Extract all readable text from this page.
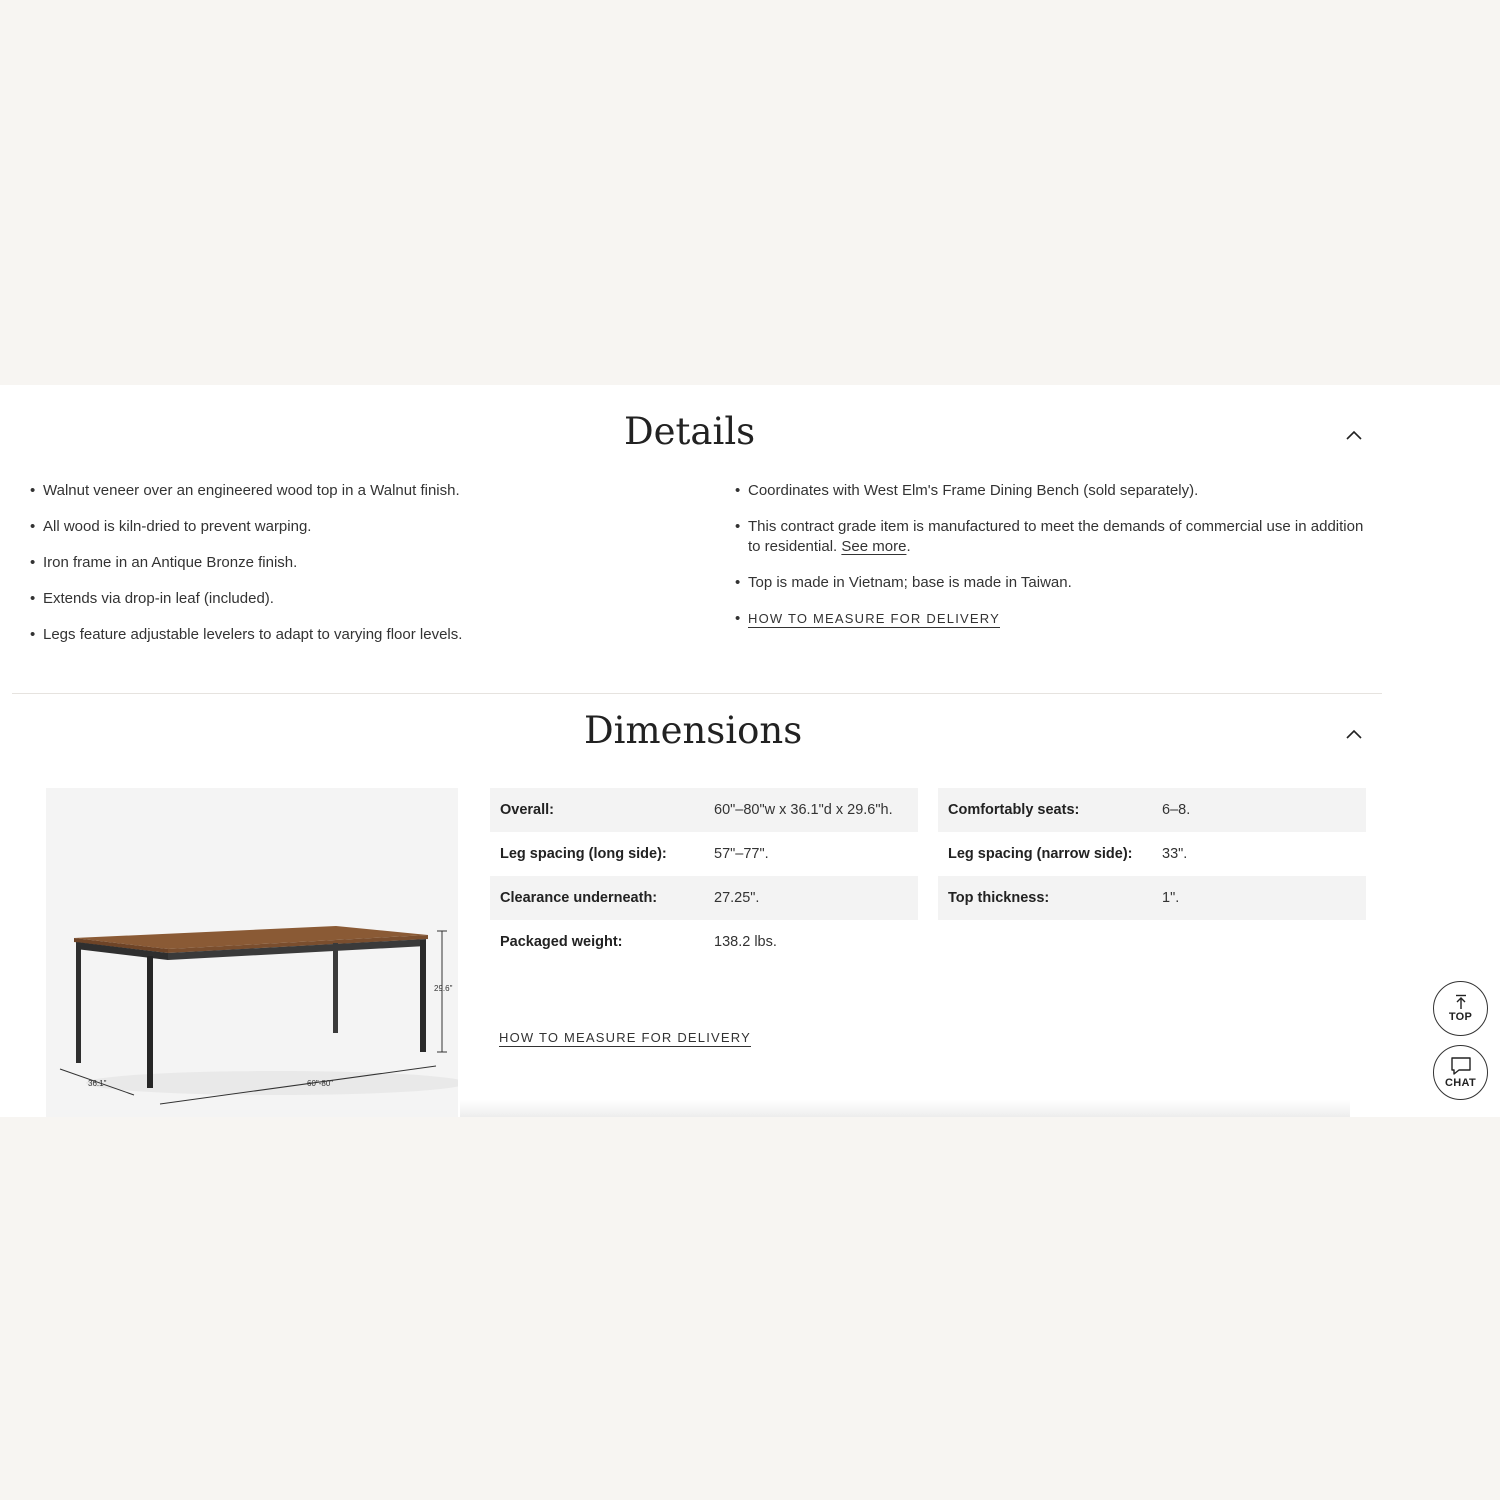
Details
• Walnut veneer over an engineered wood top in a Walnut finish.
• All wood is kiln-dried to prevent warping.
• Iron frame in an Antique Bronze finish.
• Extends via drop-in leaf (included).
• Legs feature adjustable levelers to adapt to varying floor levels.
• Coordinates with West Elm's Frame Dining Bench (sold separately).
• This contract grade item is manufactured to meet the demands of commercial use in addition to residential. See more.
• Top is made in Vietnam; base is made in Taiwan.
• HOW TO MEASURE FOR DELIVERY
Dimensions
29.6"
36.1"	60"-80"
Overall:	60"–80"w x 36.1"d x 29.6"h.	Comfortably seats:	6–8.
Leg spacing (long side):	57"–77".	Leg spacing (narrow side):	33".
Clearance underneath:	27.25".	Top thickness:	1".
Packaged weight:	138.2 lbs.
HOW TO MEASURE FOR DELIVERY
TOP
CHAT
